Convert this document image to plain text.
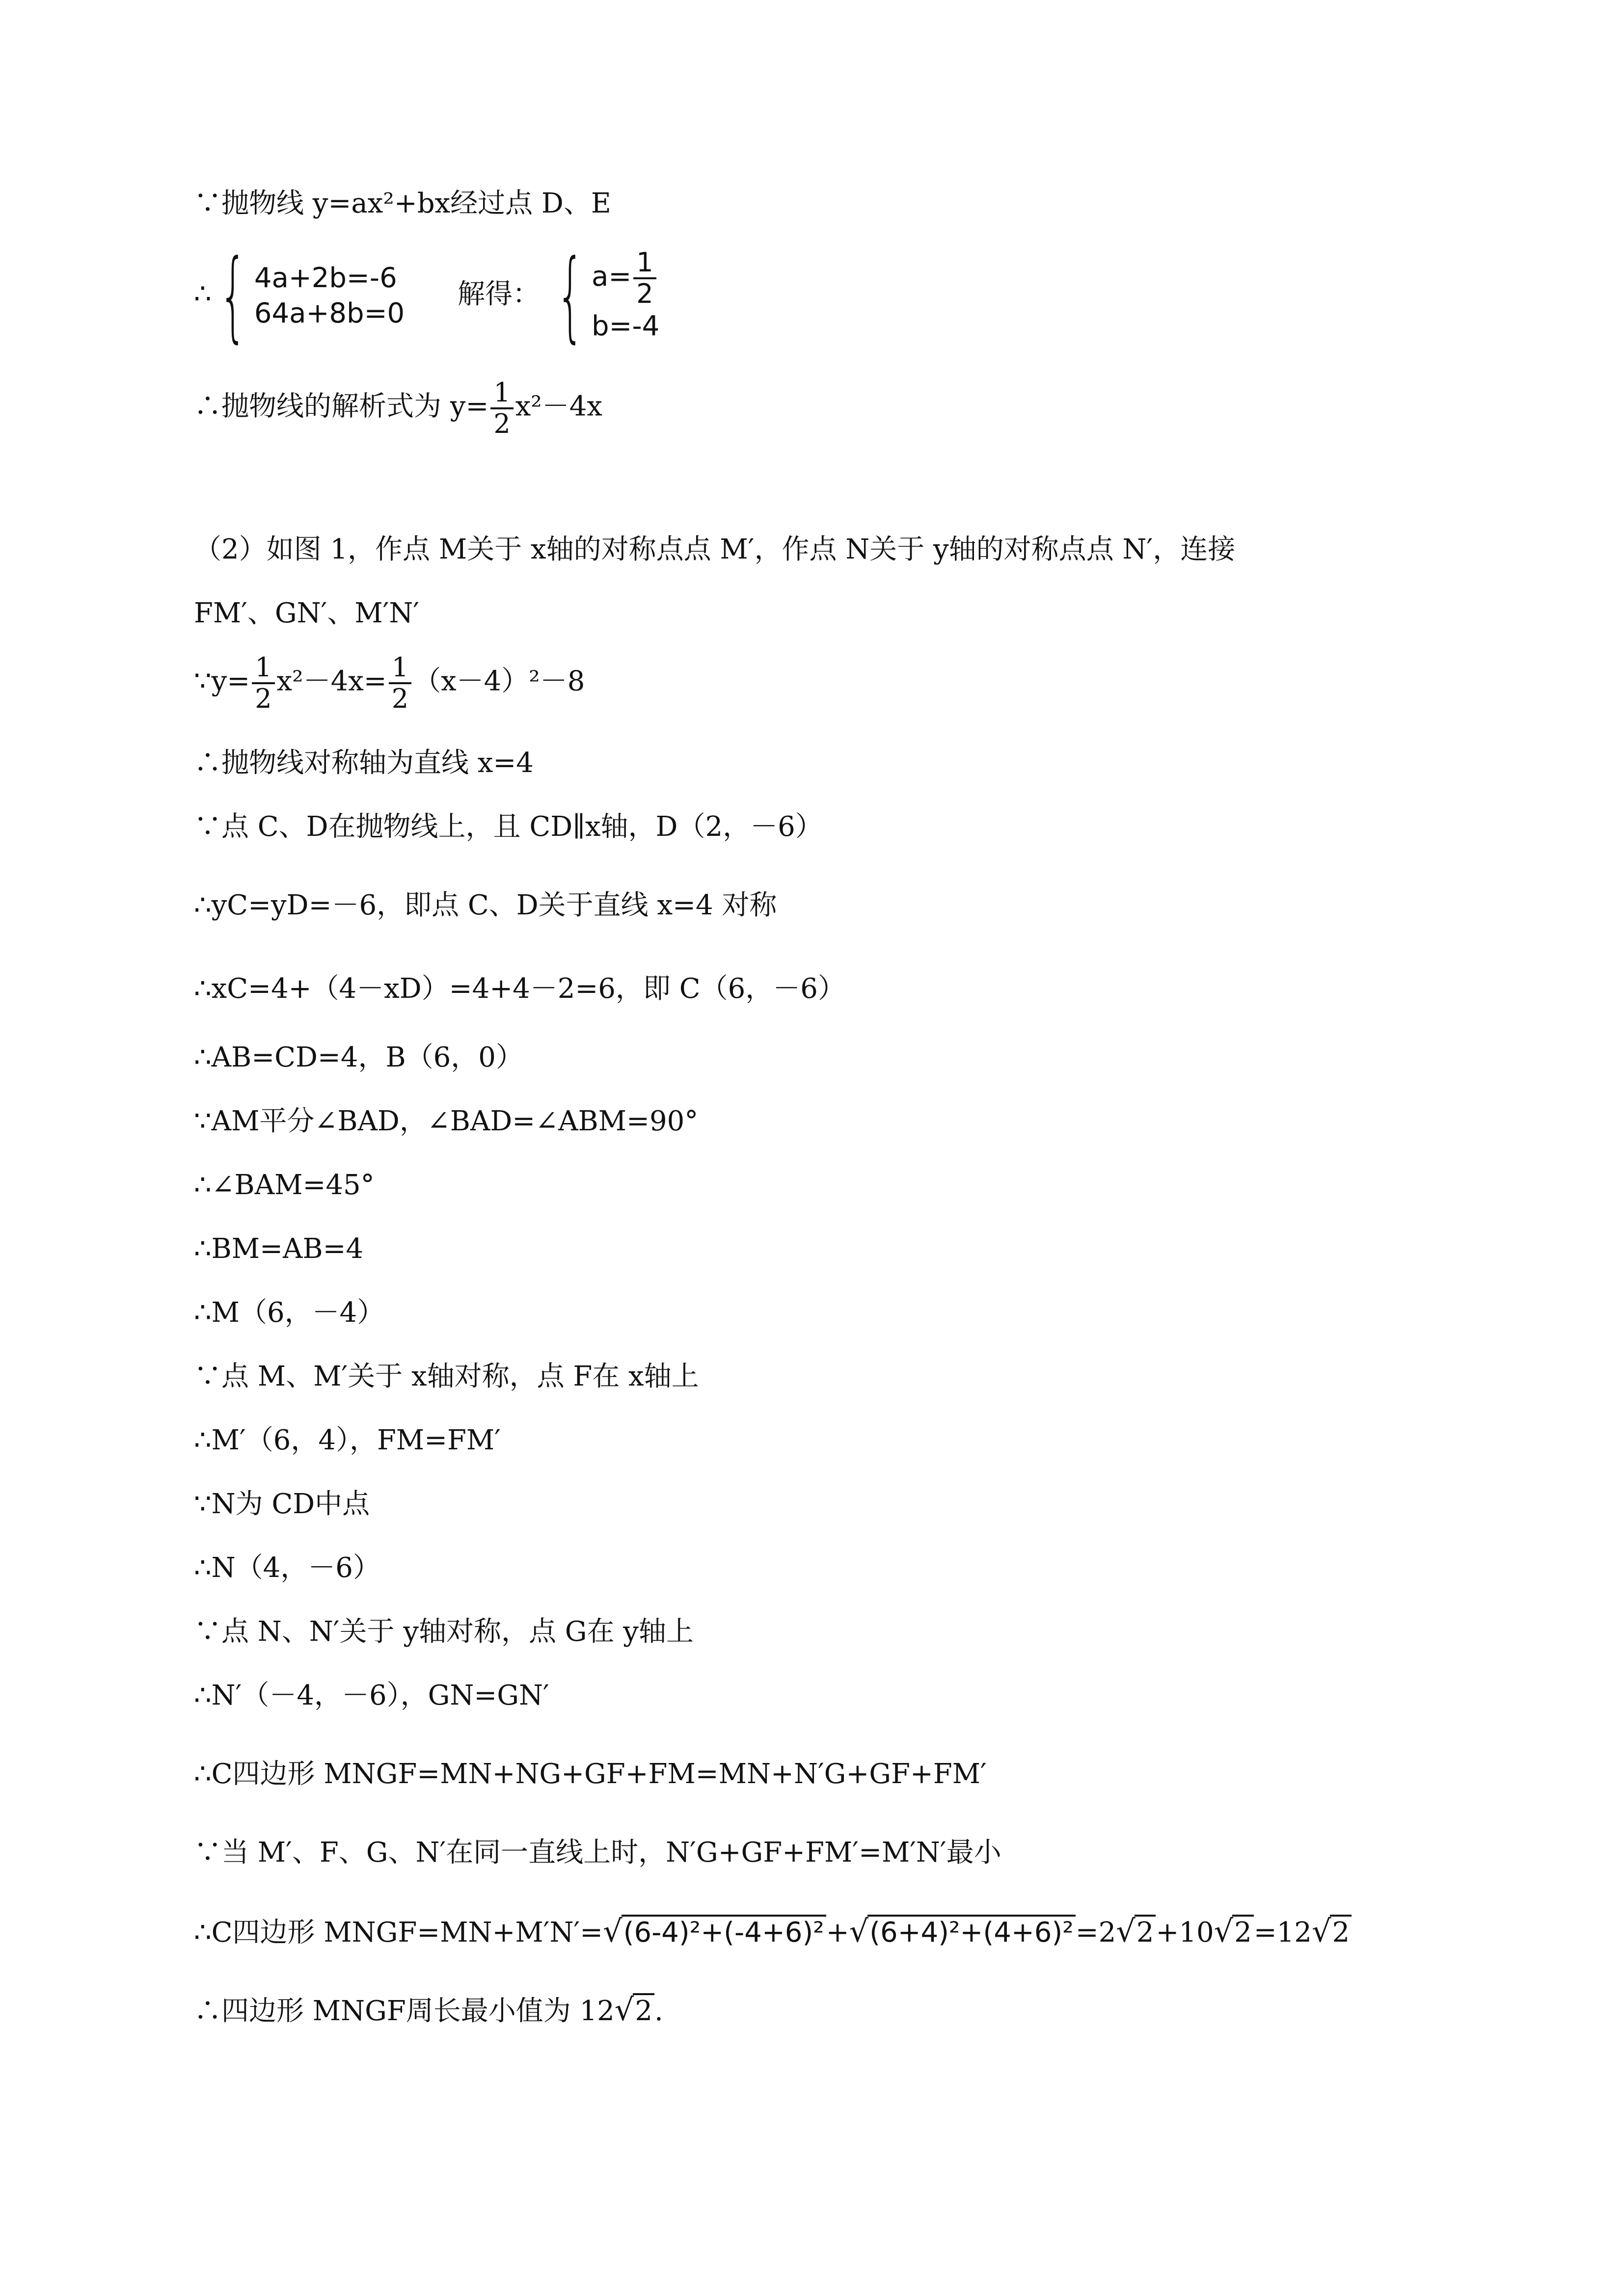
∵抛物线 y=ax²+bx经过点 D、E
∴{ 4a+2b=-6
64a+8b=0
解得： { $a= \frac{1}{2}$
b=-4
∴抛物线的解析式为 $y= \frac{1}{2} x^2-4x$
（2）如图 1，作点 M关于 x轴的对称点点 M′，作点 N关于 y轴的对称点点 N′，连接
FM′、GN′、M′N′
∵y= $\frac{1}{2} x^2-4x= \frac{1}{2} (x-4)^2-8$
∴抛物线对称轴为直线 x=4
∵点 C、D在抛物线上，且 CD∥x轴，D（2，－6）
∴yC=yD=－6，即点 C、D关于直线 x=4 对称
∴xC=4+（4－xD）=4+4－2=6，即 C（6，－6）
∴AB=CD=4，B（6，0）
∵AM平分∠BAD，∠BAD=∠ABM=90°
∴∠BAM=45°
∴BM=AB=4
∴M（6，－4）
∵点 M、M′关于 x轴对称，点 F在 x轴上
∴M′（6，4），FM=FM′
∵N为 CD中点
∴N（4，－6）
∵点 N、N′关于 y轴对称，点 G在 y轴上
∴N′（－4，－6），GN=GN′
∴C四边形 MNGF=MN+NG+GF+FM=MN+N′G+GF+FM′
∵当 M′、F、G、N′在同一直线上时，N′G+GF+FM′=M′N′最小
∴C四边形 MNGF=MN+M′N′=√(6-4)²+(-4+6)²+√(6+4)²+(4+6)²=2√2+10√2=12√2
∴四边形 MNGF周长最小值为 12√2.
